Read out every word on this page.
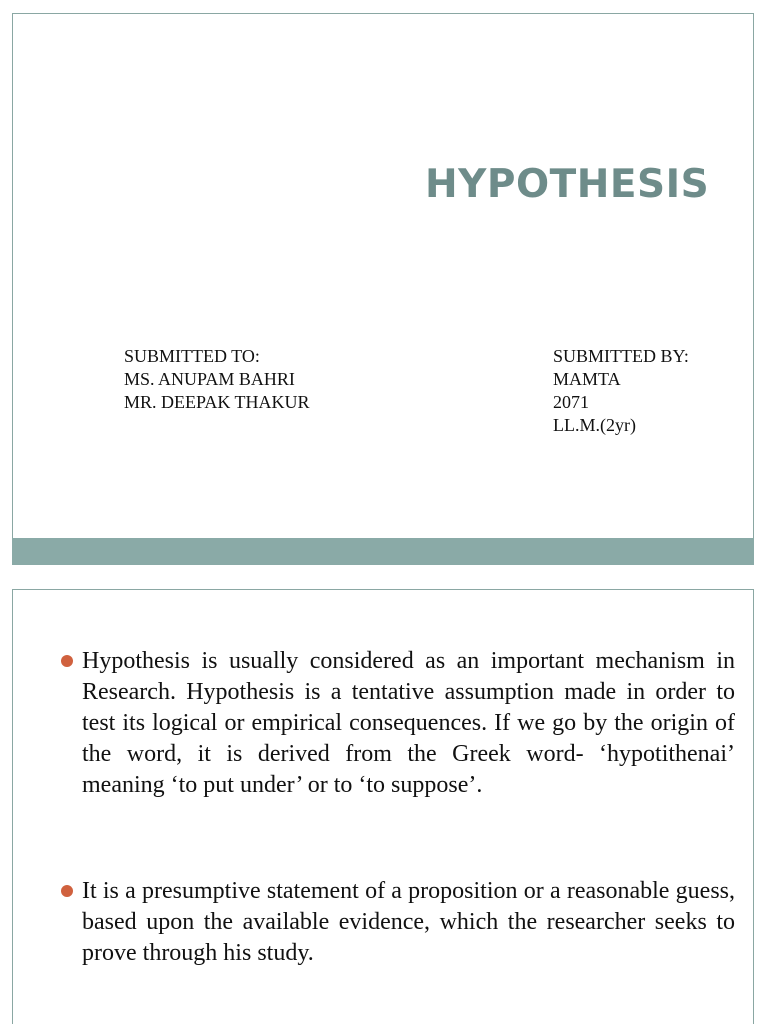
HYPOTHESIS
SUBMITTED TO:
MS. ANUPAM BAHRI
MR. DEEPAK THAKUR
SUBMITTED BY:
MAMTA
2071
LL.M.(2yr)
Hypothesis is usually considered as an important mechanism in Research. Hypothesis is a tentative assumption made in order to test its logical or empirical consequences. If we go by the origin of the word, it is derived from the Greek word- ‘hypotithenai’ meaning ‘to put under’ or to ‘to suppose’.
It is a presumptive statement of a proposition or a reasonable guess, based upon the available evidence, which the researcher seeks to prove through his study.
